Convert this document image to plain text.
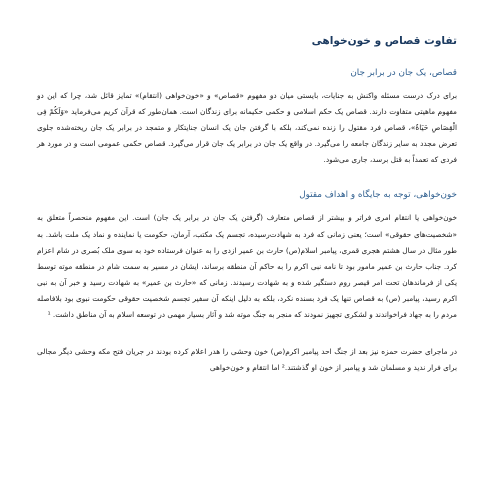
تفاوت قصاص و خون‌خواهی
قصاص، یک جان در برابر جان

برای درک درست مسئله واکنش به جنایات، بایستی میان دو مفهوم «قصاص» و «خون‌خواهی (انتقام)» تمایز قائل شد، چرا که این دو مفهوم ماهیتی متفاوت دارند. قصاص یک حکم اسلامی و حکمی حکیمانه برای زندگان است. همان‌طور که قرآن کریم می‌فرماید «وَلَکُمْ فِی الْقِصَاصِ حَیَاةٌ»، قصاص فرد مقتول را زنده نمی‌کند، بلکه با گرفتن جان یک انسان جنایتکار و متمجد در برابر یک جان ریخته‌شده جلوی تعرض مجدد به سایر زندگان جامعه را می‌گیرد. در واقع یک جان در برابر یک جان قرار می‌گیرد. قصاص حکمی عمومی است و در مورد هر فردی که تعمداً به قتل برسد، جاری می‌شود.

خون‌خواهی، توجه به جایگاه و اهداف مقتول

خون‌خواهی یا انتقام امری فراتر و بیشتر از قصاص متعارف (گرفتن یک جان در برابر یک جان) است. این مفهوم منحصراً متعلق به «شخصیت‌های حقوقی» است؛ یعنی زمانی که فرد به شهادت‌رسیده، تجسم یک مکتب، آرمان، حکومت یا نماینده و نماد یک ملت باشد. به طور مثال در سال هشتم هجری قمری، پیامبر اسلام(ص) حارث بن عمیر ازدی را به عنوان فرستاده خود به سوی ملک بُصری در شام اعزام کرد. جناب حارث بن عمیر مامور بود تا نامه نبی اکرم را به حاکم آن منطقه برساند، ایشان در مسیر به سمت شام در منطقه موته توسط یکی از فرماندهان تحت امر قیصر روم دستگیر شده و به شهادت رسیدند. زمانی که «حارث بن عمیر» به شهادت رسید و خبر آن به نبی اکرم رسید، پیامبر (ص) به قصاص تنها یک فرد بسنده نکرد، بلکه به دلیل اینکه آن سفیر تجسم شخصیت حقوقی حکومت نبوی بود بلافاصله مردم را به جهاد فراخواندند و لشکری تجهیز نمودند که منجر به جنگ موته شد و آثار بسیار مهمی در توسعه اسلام به آن مناطق داشت. ¹

در ماجرای حضرت حمزه نیز بعد از جنگ احد پیامبر اکرم(ص) خون وحشی را هدر اعلام کرده بودند در جریان فتح مکه وحشی دیگر مجالی برای فرار ندید و مسلمان شد و پیامبر از خون او گذشتند.² اما انتقام و خون‌خواهی
